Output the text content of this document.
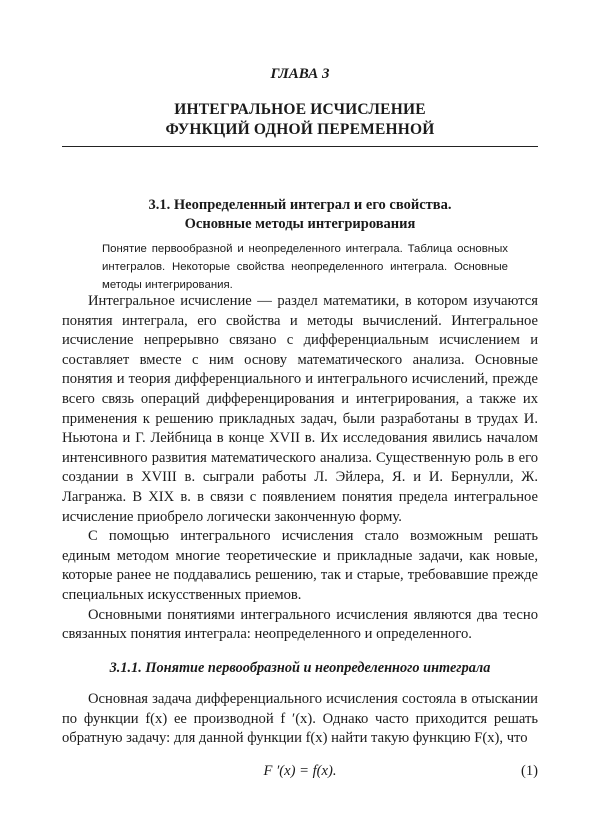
ГЛАВА 3
ИНТЕГРАЛЬНОЕ ИСЧИСЛЕНИЕ
ФУНКЦИЙ ОДНОЙ ПЕРЕМЕННОЙ
3.1. Неопределенный интеграл и его свойства.
Основные методы интегрирования
Понятие первообразной и неопределенного интеграла. Таблица основных интегралов. Некоторые свойства неопределенного интеграла. Основные методы интегрирования.

Интегральное исчисление — раздел математики, в котором изучаются понятия интеграла, его свойства и методы вычислений. Интегральное исчисление непрерывно связано с дифференциальным исчислением и составляет вместе с ним основу математического анализа. Основные понятия и теория дифференциального и интегрального исчислений, прежде всего связь операций дифференцирования и интегрирования, а также их применения к решению прикладных задач, были разработаны в трудах И. Ньютона и Г. Лейбница в конце XVII в. Их исследования явились началом интенсивного развития математического анализа. Существенную роль в его создании в XVIII в. сыграли работы Л. Эйлера, Я. и И. Бернулли, Ж. Лагранжа. В XIX в. в связи с появлением понятия предела интегральное исчисление приобрело логически законченную форму.

С помощью интегрального исчисления стало возможным решать единым методом многие теоретические и прикладные задачи, как новые, которые ранее не поддавались решению, так и старые, требовавшие прежде специальных искусственных приемов.

Основными понятиями интегрального исчисления являются два тесно связанных понятия интеграла: неопределенного и определенного.

3.1.1. Понятие первообразной и неопределенного интеграла

Основная задача дифференциального исчисления состояла в отыскании по функции f(x) ее производной f ′(x). Однако часто приходится решать обратную задачу: для данной функции f(x) найти такую функцию F(x), что

F ′(x) = f(x).	(1)
